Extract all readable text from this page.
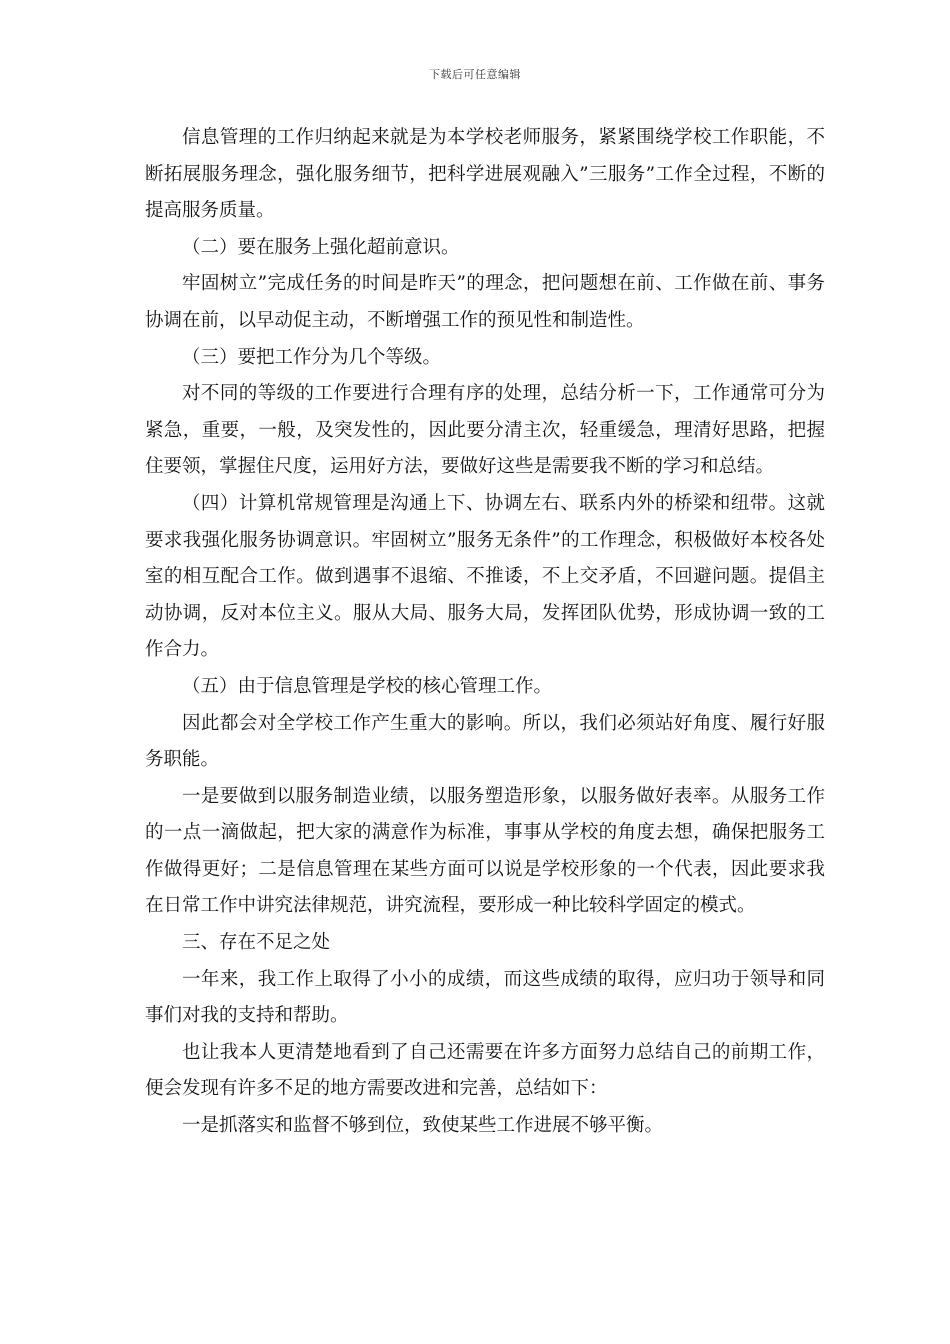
下载后可任意编辑

信息管理的工作归纳起来就是为本学校老师服务，紧紧围绕学校工作职能，不断拓展服务理念，强化服务细节，把科学进展观融入”三服务”工作全过程，不断的提高服务质量。

（二）要在服务上强化超前意识。

牢固树立”完成任务的时间是昨天”的理念，把问题想在前、工作做在前、事务协调在前，以早动促主动，不断增强工作的预见性和制造性。

（三）要把工作分为几个等级。

对不同的等级的工作要进行合理有序的处理，总结分析一下，工作通常可分为紧急，重要，一般，及突发性的，因此要分清主次，轻重缓急，理清好思路，把握住要领，掌握住尺度，运用好方法，要做好这些是需要我不断的学习和总结。

（四）计算机常规管理是沟通上下、协调左右、联系内外的桥梁和纽带。这就要求我强化服务协调意识。牢固树立”服务无条件”的工作理念，积极做好本校各处室的相互配合工作。做到遇事不退缩、不推诿，不上交矛盾，不回避问题。提倡主动协调，反对本位主义。服从大局、服务大局，发挥团队优势，形成协调一致的工作合力。

（五）由于信息管理是学校的核心管理工作。

因此都会对全学校工作产生重大的影响。所以，我们必须站好角度、履行好服务职能。

一是要做到以服务制造业绩，以服务塑造形象，以服务做好表率。从服务工作的一点一滴做起，把大家的满意作为标准，事事从学校的角度去想，确保把服务工作做得更好；二是信息管理在某些方面可以说是学校形象的一个代表，因此要求我在日常工作中讲究法律规范，讲究流程，要形成一种比较科学固定的模式。

三、存在不足之处

一年来，我工作上取得了小小的成绩，而这些成绩的取得，应归功于领导和同事们对我的支持和帮助。

也让我本人更清楚地看到了自己还需要在许多方面努力总结自己的前期工作，便会发现有许多不足的地方需要改进和完善，总结如下：

一是抓落实和监督不够到位，致使某些工作进展不够平衡。
